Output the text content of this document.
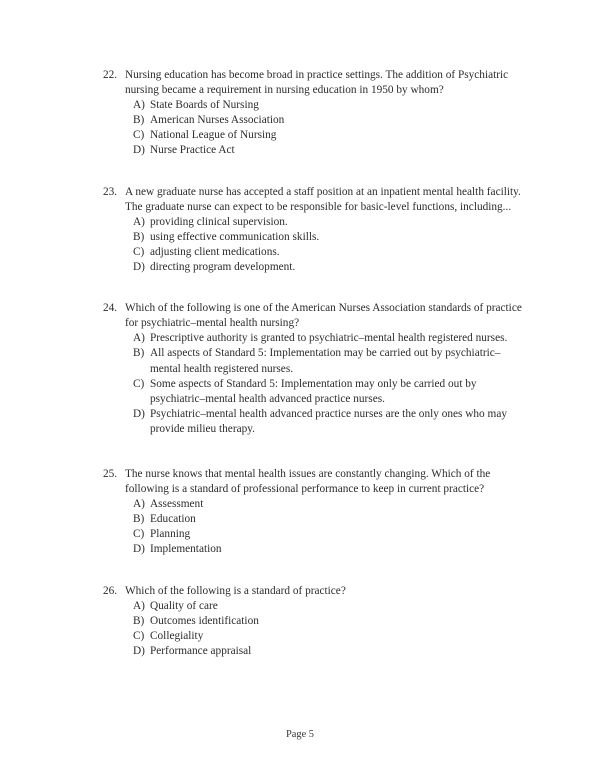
22. Nursing education has become broad in practice settings. The addition of Psychiatric nursing became a requirement in nursing education in 1950 by whom?
A) State Boards of Nursing
B) American Nurses Association
C) National League of Nursing
D) Nurse Practice Act
23. A new graduate nurse has accepted a staff position at an inpatient mental health facility. The graduate nurse can expect to be responsible for basic-level functions, including...
A) providing clinical supervision.
B) using effective communication skills.
C) adjusting client medications.
D) directing program development.
24. Which of the following is one of the American Nurses Association standards of practice for psychiatric–mental health nursing?
A) Prescriptive authority is granted to psychiatric–mental health registered nurses.
B) All aspects of Standard 5: Implementation may be carried out by psychiatric–mental health registered nurses.
C) Some aspects of Standard 5: Implementation may only be carried out by psychiatric–mental health advanced practice nurses.
D) Psychiatric–mental health advanced practice nurses are the only ones who may provide milieu therapy.
25. The nurse knows that mental health issues are constantly changing. Which of the following is a standard of professional performance to keep in current practice?
A) Assessment
B) Education
C) Planning
D) Implementation
26. Which of the following is a standard of practice?
A) Quality of care
B) Outcomes identification
C) Collegiality
D) Performance appraisal
Page 5
